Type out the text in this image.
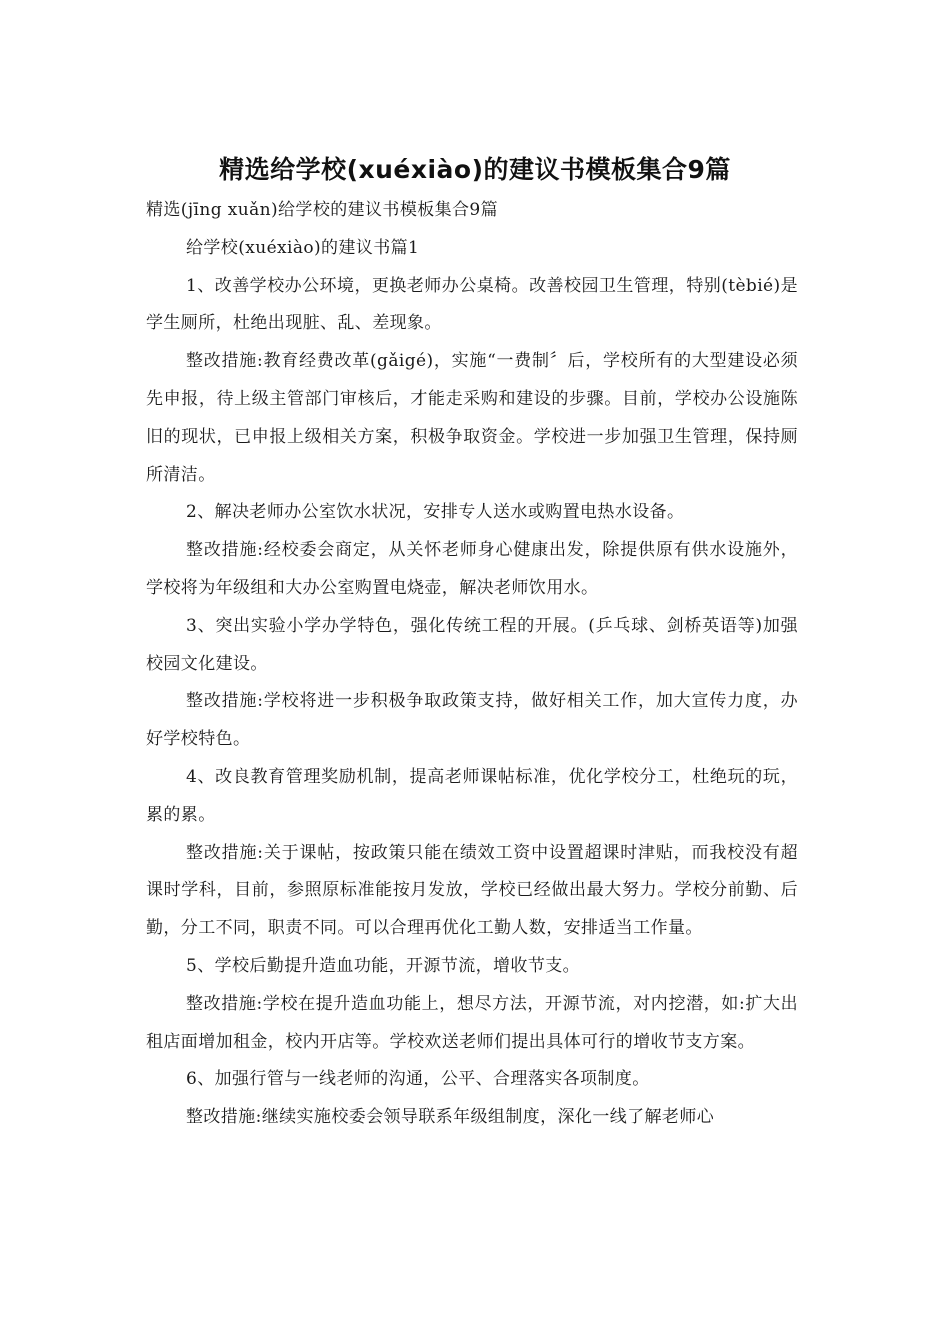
精选给学校(xuéxiào)的建议书模板集合9篇

精选(jīng xuǎn)给学校的建议书模板集合9篇

给学校(xuéxiào)的建议书篇1

1、改善学校办公环境，更换老师办公桌椅。改善校园卫生管理，特别(tèbié)是学生厕所，杜绝出现脏、乱、差现象。

整改措施:教育经费改革(gǎigé)，实施“一费制〞后，学校所有的大型建设必须先申报，待上级主管部门审核后，才能走采购和建设的步骤。目前，学校办公设施陈旧的现状，已申报上级相关方案，积极争取资金。学校进一步加强卫生管理，保持厕所清洁。

2、解决老师办公室饮水状况，安排专人送水或购置电热水设备。

整改措施:经校委会商定，从关怀老师身心健康出发，除提供原有供水设施外，学校将为年级组和大办公室购置电烧壶，解决老师饮用水。

3、突出实验小学办学特色，强化传统工程的开展。(乒乓球、剑桥英语等)加强校园文化建设。

整改措施:学校将进一步积极争取政策支持，做好相关工作，加大宣传力度，办好学校特色。

4、改良教育管理奖励机制，提高老师课帖标准，优化学校分工，杜绝玩的玩，累的累。

整改措施:关于课帖，按政策只能在绩效工资中设置超课时津贴，而我校没有超课时学科，目前，参照原标准能按月发放，学校已经做出最大努力。学校分前勤、后勤，分工不同，职责不同。可以合理再优化工勤人数，安排适当工作量。

5、学校后勤提升造血功能，开源节流，增收节支。

整改措施:学校在提升造血功能上，想尽方法，开源节流，对内挖潜，如:扩大出租店面增加租金，校内开店等。学校欢送老师们提出具体可行的增收节支方案。

6、加强行管与一线老师的沟通，公平、合理落实各项制度。

整改措施:继续实施校委会领导联系年级组制度，深化一线了解老师心
